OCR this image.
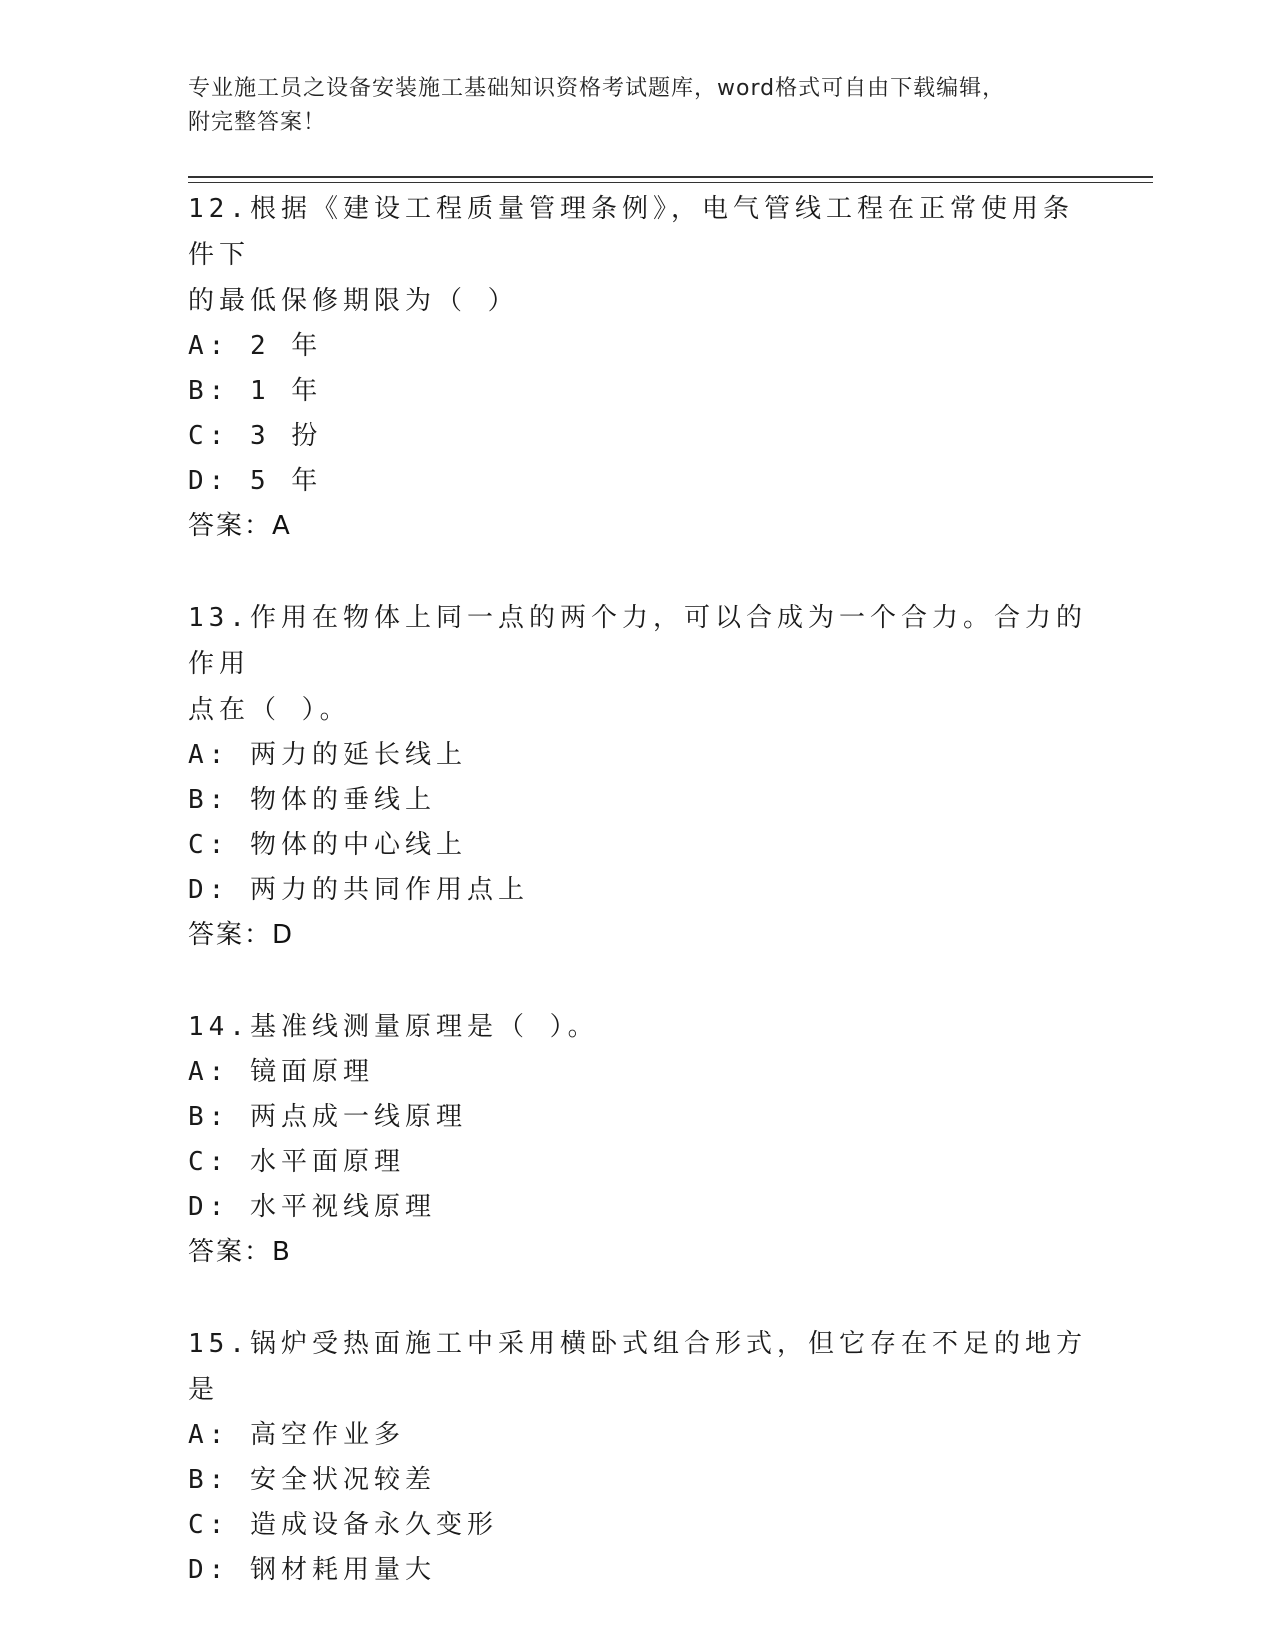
专业施工员之设备安装施工基础知识资格考试题库，word格式可自由下载编辑，
附完整答案！
12.根据《建设工程质量管理条例》，电气管线工程在正常使用条件下
的最低保修期限为（ ）
A: 2 年
B: 1 年
C: 3 扮
D: 5 年
答案：A
13.作用在物体上同一点的两个力，可以合成为一个合力。合力的作用
点在（ ）。
A: 两力的延长线上
B: 物体的垂线上
C: 物体的中心线上
D: 两力的共同作用点上
答案：D
14.基准线测量原理是（ ）。
A: 镜面原理
B: 两点成一线原理
C: 水平面原理
D: 水平视线原理
答案：B
15.锅炉受热面施工中采用横卧式组合形式，但它存在不足的地方是
A: 高空作业多
B: 安全状况较差
C: 造成设备永久变形
D: 钢材耗用量大
